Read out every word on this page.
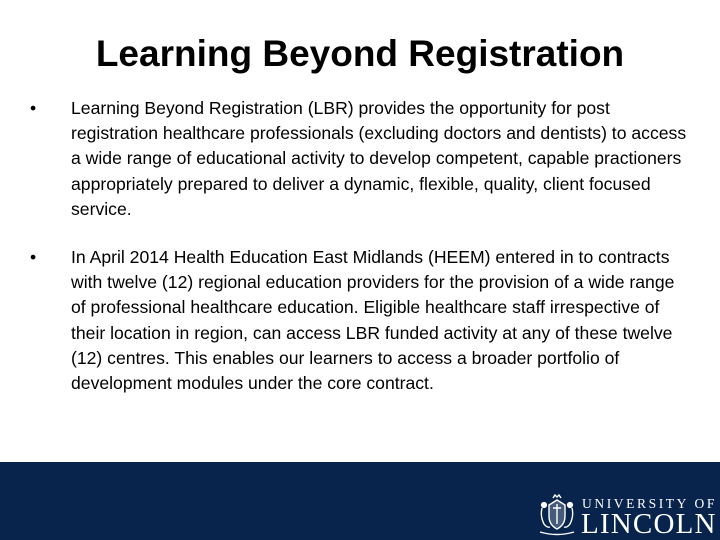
Learning Beyond Registration
•	Learning Beyond Registration (LBR) provides the opportunity for post registration healthcare professionals (excluding doctors and dentists) to access a wide range of educational activity to develop competent, capable practioners appropriately prepared to deliver a dynamic, flexible, quality, client focused service.
•	In April 2014 Health Education East Midlands (HEEM) entered in to contracts with twelve (12) regional education providers for the provision of a wide range of professional healthcare education. Eligible healthcare staff irrespective of their location in region, can access LBR funded activity at any of these twelve (12) centres. This enables our learners to access a broader portfolio of development modules under the core contract.
UNIVERSITY OF
LINCOLN
